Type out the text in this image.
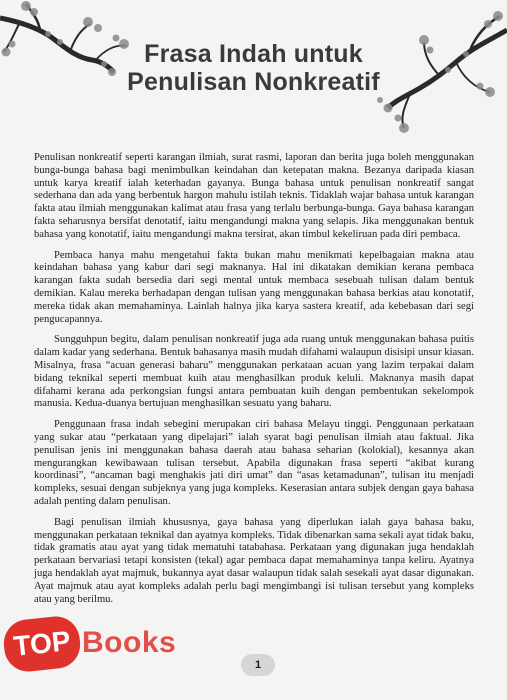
Frasa Indah untuk
Penulisan Nonkreatif

Penulisan nonkreatif seperti karangan ilmiah, surat rasmi, laporan dan berita juga boleh menggunakan bunga-bunga bahasa bagi menimbulkan keindahan dan ketepatan makna. Bezanya daripada kiasan untuk karya kreatif ialah keterhadan gayanya. Bunga bahasa untuk penulisan nonkreatif sangat sederhana dan ada yang berbentuk hargon mahulu istilah teknis. Tidaklah wajar bahasa untuk karangan fakta atau ilmiah menggunakan kalimat atau frasa yang terlalu berbunga-bunga. Gaya bahasa karangan fakta seharusnya bersifat denotatif, iaitu mengandungi makna yang selapis. Jika menggunakan bentuk bahasa yang konotatif, iaitu mengandungi makna tersirat, akan timbul kekeliruan pada diri pembaca.

Pembaca hanya mahu mengetahui fakta bukan mahu menikmati kepelbagaian makna atau keindahan bahasa yang kabur dari segi maknanya. Hal ini dikatakan demikian kerana pembaca karangan fakta sudah bersedia dari segi mental untuk membaca sesebuah tulisan dalam bentuk demikian. Kalau mereka berhadapan dengan tulisan yang menggunakan bahasa berkias atau konotatif, mereka tidak akan memahaminya. Lainlah halnya jika karya sastera kreatif, ada kebebasan dari segi pengucapannya.

Sungguhpun begitu, dalam penulisan nonkreatif juga ada ruang untuk menggunakan bahasa puitis dalam kadar yang sederhana. Bentuk bahasanya masih mudah difahami walaupun disisipi unsur kiasan. Misalnya, frasa “acuan generasi baharu” menggunakan perkataan acuan yang lazim terpakai dalam bidang teknikal seperti membuat kuih atau menghasilkan produk keluli. Maknanya masih dapat difahami kerana ada perkongsian fungsi antara pembuatan kuih dengan pembentukan sekelompok manusia. Kedua-duanya bertujuan menghasilkan sesuatu yang baharu.

Penggunaan frasa indah sebegini merupakan ciri bahasa Melayu tinggi. Penggunaan perkataan yang sukar atau “perkataan yang dipelajari” ialah syarat bagi penulisan ilmiah atau faktual. Jika penulisan jenis ini menggunakan bahasa daerah atau bahasa seharian (kolokial), kesannya akan mengurangkan kewibawaan tulisan tersebut. Apabila digunakan frasa seperti “akibat kurang koordinasi”, “ancaman bagi menghakis jati diri umat” dan “asas ketamadunan”, tulisan itu menjadi kompleks, sesuai dengan subjeknya yang juga kompleks. Keserasian antara subjek dengan gaya bahasa adalah penting dalam penulisan.

Bagi penulisan ilmiah khususnya, gaya bahasa yang diperlukan ialah gaya bahasa baku, menggunakan perkataan teknikal dan ayatnya kompleks. Tidak dibenarkan sama sekali ayat tidak baku, tidak gramatis atau ayat yang tidak mematuhi tatabahasa. Perkataan yang digunakan juga hendaklah perkataan bervariasi tetapi konsisten (tekal) agar pembaca dapat memahaminya tanpa keliru. Ayatnya juga hendaklah ayat majmuk, bukannya ayat dasar walaupun tidak salah sesekali ayat dasar digunakan. Ayat majmuk atau ayat kompleks adalah perlu bagi mengimbangi isi tulisan tersebut yang kompleks atau yang berilmu.

1
TOP Books
